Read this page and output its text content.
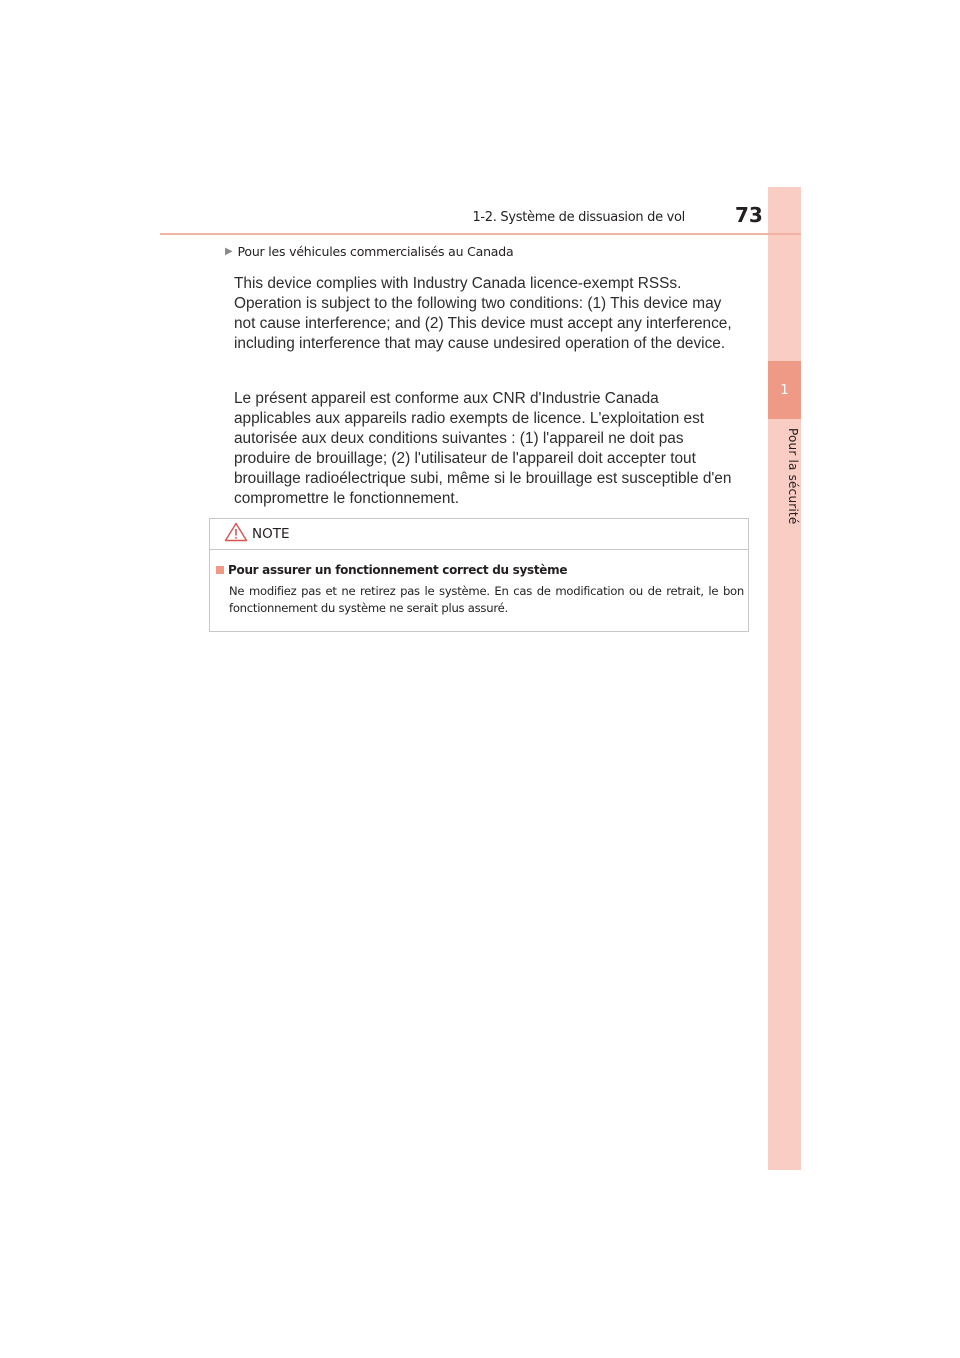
1
Pour la sécurité
1-2. Système de dissuasion de vol	73
▶ Pour les véhicules commercialisés au Canada

This device complies with Industry Canada licence-exempt RSSs. Operation is subject to the following two conditions: (1) This device may not cause interference; and (2) This device must accept any interference, including interference that may cause undesired operation of the device.

Le présent appareil est conforme aux CNR d'Industrie Canada applicables aux appareils radio exempts de licence. L'exploitation est autorisée aux deux conditions suivantes : (1) l'appareil ne doit pas produire de brouillage; (2) l'utilisateur de l'appareil doit accepter tout brouillage radioélectrique subi, même si le brouillage est susceptible d'en compromettre le fonctionnement.

NOTE
Pour assurer un fonctionnement correct du système

Ne modifiez pas et ne retirez pas le système. En cas de modification ou de retrait, le bon fonctionnement du système ne serait plus assuré.
